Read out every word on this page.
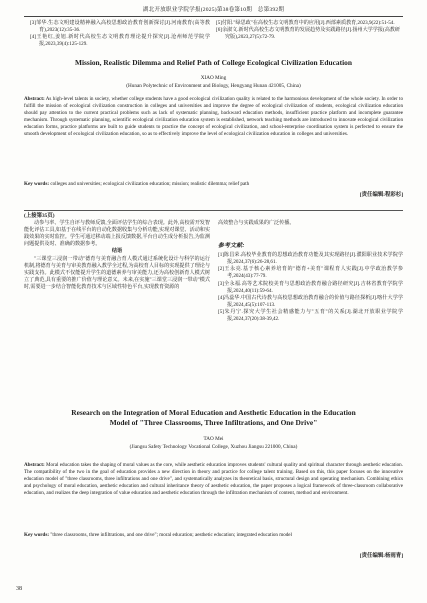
湖北开放职业学院学报(2025)第38卷第10期　总第392期

[3]邹华.生态文明建设精神融入高校思想政治教育创新探讨[J].河南教育(高等教育),2023(12):35-36.

[4]王艳红,姜旭.新时代高校生态文明教育理论提升探究[J].沧州师范学院学报,2023,39(4):125-129.

[5]付阳."绿思政"在高校生态文明教育中的应用[J].西部素质教育,2023,9(22):51-54.

[6]余淑文.新时代高校生态文明教育的发展趋势及实践路径[J].扬州大学学报(高教研究版),2023,27(5):72-79.

Mission, Realistic Dilemma and Relief Path of College Ecological Civilization Education
XIAO Ming
(Hunan Polytechnic of Environment and Biology, Hengyang Hunan 421005, China)
Abstract: As high-level talents in society, whether college students have a good ecological civilization quality is related to the harmonious development of the whole society. In order to fulfill the mission of ecological civilization construction in colleges and universities and improve the degree of ecological civilization of students, ecological civilization education should pay attention to the current practical problems such as lack of systematic planning, backward education methods, insufficient practice platform and incomplete guarantee mechanism. Through systematic planning, scientific ecological civilization education system is established, network teaching methods are introduced to innovate ecological civilization education forms, practice platforms are built to guide students to practice the concept of ecological civilization, and school-enterprise coordination system is perfected to ensure the smooth development of ecological civilization education, so as to effectively improve the level of ecological civilization education in colleges and universities.
Key words: colleges and universities; ecological civilization education; mission; realistic dilemma; relief path
[责任编辑:程彩杉]
(上接第35页)

动参与率、学生自评与教师反馈,全面评估学生的综合表现。此外,高校需开发智能化评估工具,如基于在线平台的自动化数据收集与分析功能,实现对课堂、活动和实践效果的实时监控。学生可通过移动端上报反馈数据,平台自动生成分析报告,为监测问题提供及时、准确的数据参考。

结语

"三课堂三浸润一带动"德育与美育融合育人模式通过系统化设计与科学的运行机制,将德育与美育与审美教育融入教学全过程,为高校育人目标的实现提供了理论与实践支持。此模式不仅能提升学生的道德素养与审美能力,还为高校创新育人模式树立了典范,具有重要的推广价值与理论意义。未来,在实施"三课堂三浸润一带动"模式时,需要进一步结合智能化教育技术与区域性特色平台,实现教育资源的

高效整合与实践成果的广泛传播。

参考文献:

[1]陈昌荣.高校毕业教育的思想政治教育功能及其实现路径[J].濮阳职业技术学院学报,2024,37(6):26-28,61.

[2]王永亮.基于核心素养培育的"德育+美育"课程育人实践[J].中学政治教学参考,2024(43):77-79.

[3]全永福.高等艺术院校美育与思想政治教育融合路径研究[J].吉林省教育学院学报,2024,40(11):59-64.

[4]冯蕊华.中国古代诗教与高校思想政治教育融合的价值与路径探析[J].喀什大学学报,2024,45(5):107-113.

[5]朱丹宁.探究大学生社会精感能力与"五育"的关系[J].湖北开放职业学院学报,2024,37(20):38-39,42.

Research on the Integration of Moral Education and Aesthetic Education in the Education
Model of "Three Classrooms, Three Infiltrations, and One Drive"
TAO Mei
(Jiangsu Safety Technology Vocational College, Xuzhou Jiangsu 221000, China)
Abstract: Moral education takes the shaping of moral values as the core, while aesthetic education improves students' cultural quality and spiritual character through aesthetic education. The compatibility of the two in the goal of education provides a new direction in theory and practice for college talent training. Based on this, this paper focuses on the innovative education model of "three classrooms, three infiltrations and one drive", and systematically analyzes its theoretical basis, structural design and operating mechanism. Combining ethics and psychology of moral education, aesthetic education and cultural inheritance theory of aesthetic education, the paper proposes a logical framework of three-classroom collaborative education, and realizes the deep integration of value education and aesthetic education through the infiltration mechanism of content, method and environment.
Key words: "three classrooms, three infiltrations, and one drive"; moral education; aesthetic education; integrated education model
[责任编辑:杨雨青]
38
